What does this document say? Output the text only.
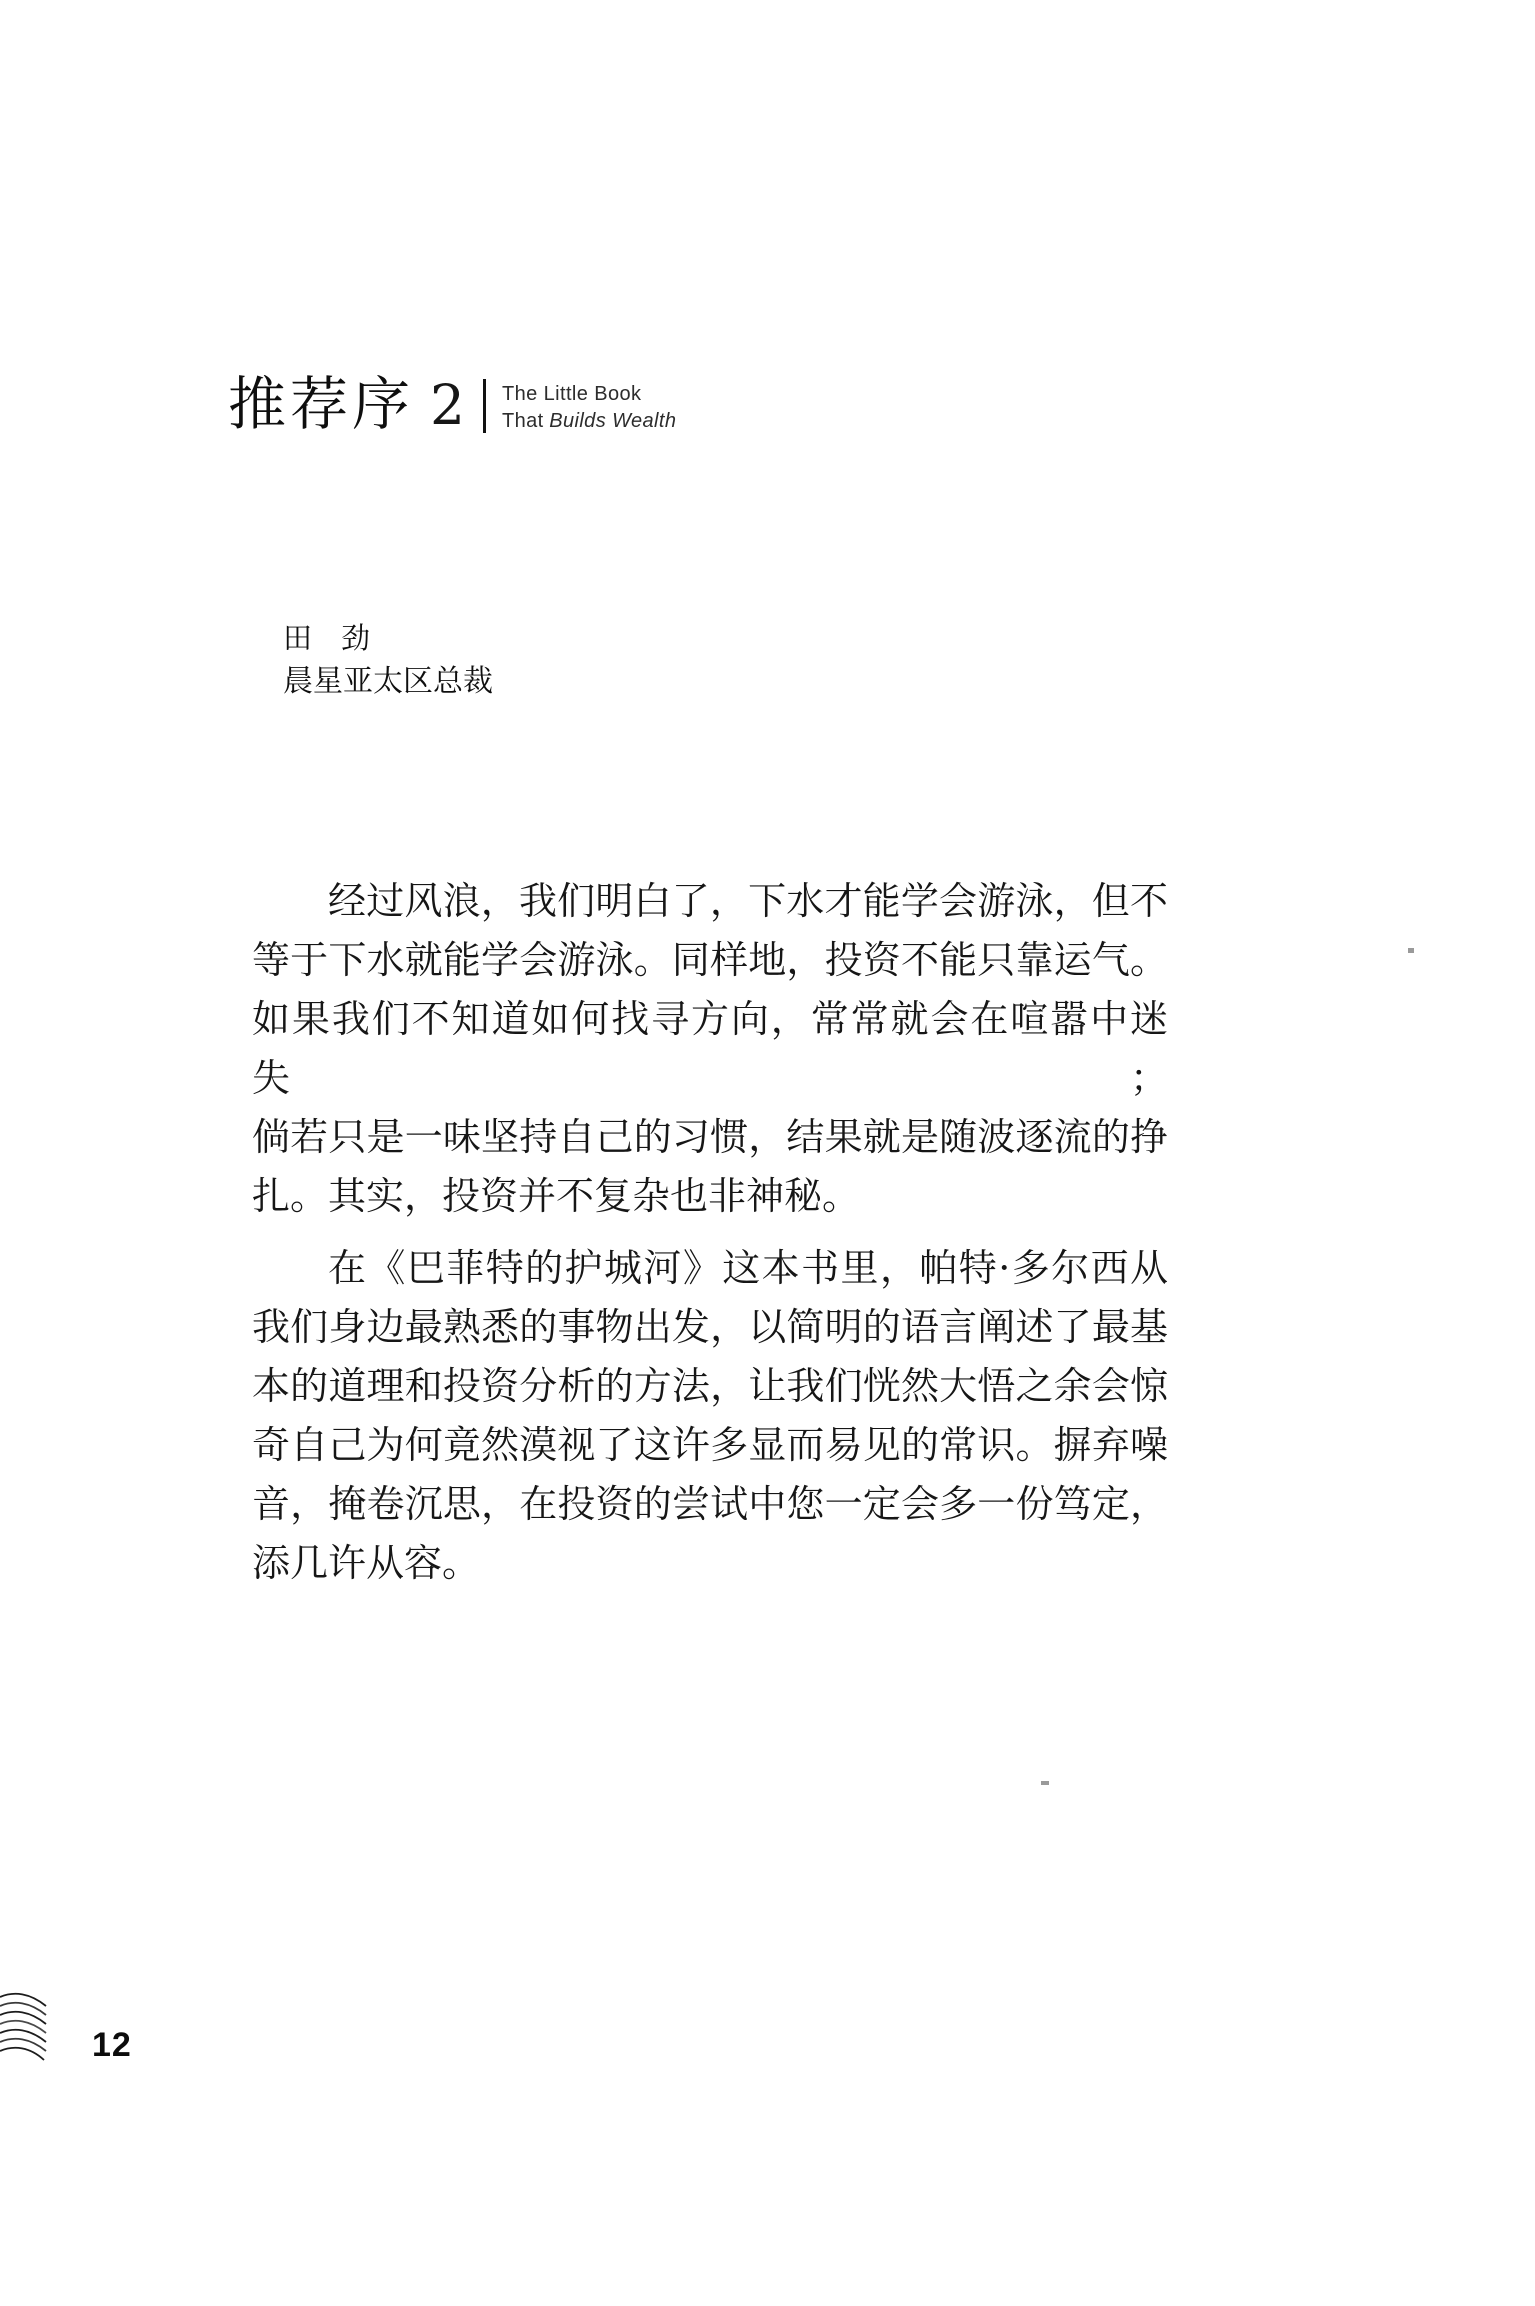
推荐序 2 The Little Book
That Builds Wealth
田　劲
晨星亚太区总裁
经过风浪，我们明白了，下水才能学会游泳，但不
等于下水就能学会游泳。同样地，投资不能只靠运气。
如果我们不知道如何找寻方向，常常就会在喧嚣中迷失；
倘若只是一味坚持自己的习惯，结果就是随波逐流的挣
扎。其实，投资并不复杂也非神秘。
在《巴菲特的护城河》这本书里，帕特·多尔西从
我们身边最熟悉的事物出发，以简明的语言阐述了最基
本的道理和投资分析的方法，让我们恍然大悟之余会惊
奇自己为何竟然漠视了这许多显而易见的常识。摒弃噪
音，掩卷沉思，在投资的尝试中您一定会多一份笃定，
添几许从容。
12
